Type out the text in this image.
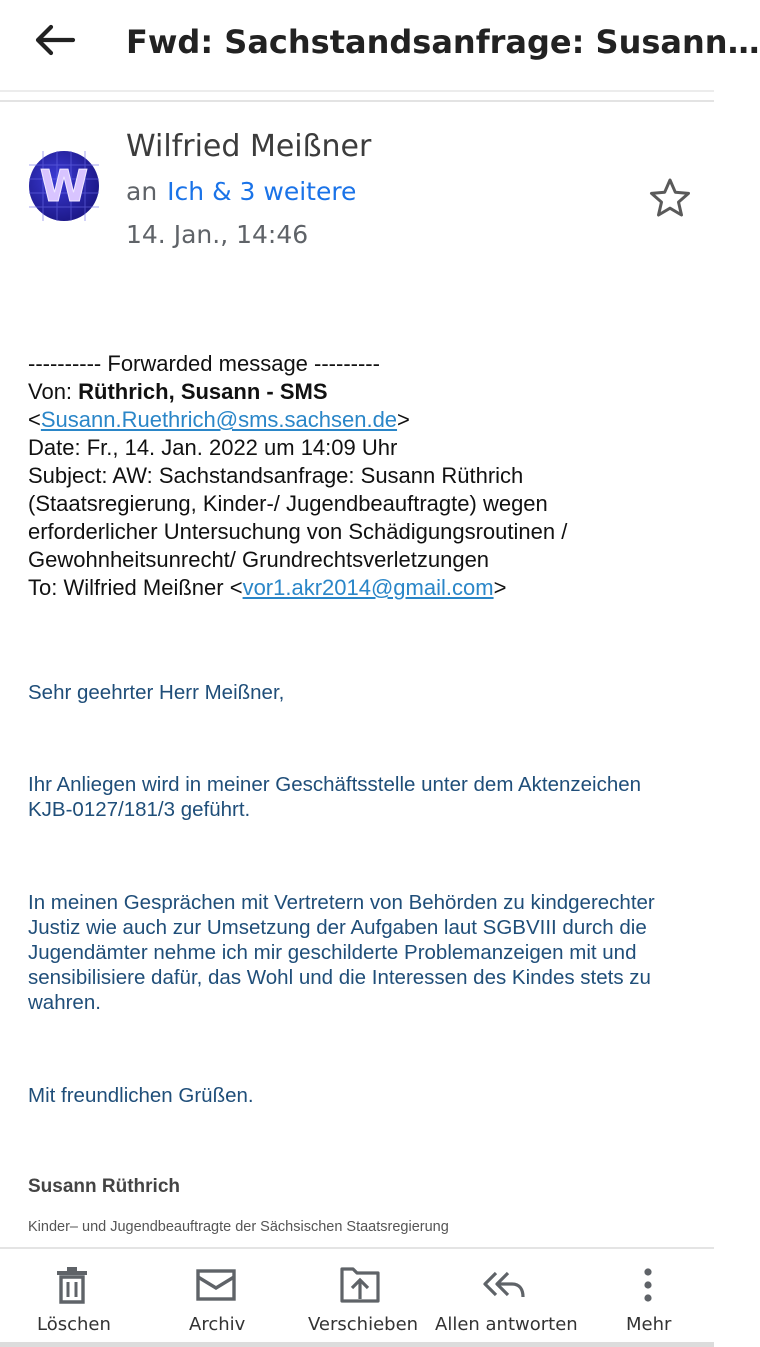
Fwd: Sachstandsanfrage: Susann…
W
Wilfried Meißner
an Ich & 3 weitere
14. Jan., 14:46
---------- Forwarded message ---------
Von: Rüthrich, Susann - SMS
<Susann.Ruethrich@sms.sachsen.de>
Date: Fr., 14. Jan. 2022 um 14:09 Uhr
Subject: AW: Sachstandsanfrage: Susann Rüthrich (Staatsregierung, Kinder-/ Jugendbeauftragte) wegen erforderlicher Untersuchung von Schädigungsroutinen / Gewohnheitsunrecht/ Grundrechtsverletzungen
To: Wilfried Meißner <vor1.akr2014@gmail.com>
Sehr geehrter Herr Meißner,
Ihr Anliegen wird in meiner Geschäftsstelle unter dem Aktenzeichen KJB-0127/181/3 geführt.
In meinen Gesprächen mit Vertretern von Behörden zu kindgerechter Justiz wie auch zur Umsetzung der Aufgaben laut SGBVIII durch die Jugendämter nehme ich mir geschilderte Problemanzeigen mit und sensibilisiere dafür, das Wohl und die Interessen des Kindes stets zu wahren.
Mit freundlichen Grüßen.
Susann Rüthrich
Kinder– und Jugendbeauftragte der Sächsischen Staatsregierung
Löschen	Archiv	Verschieben Allen antworten	Mehr
